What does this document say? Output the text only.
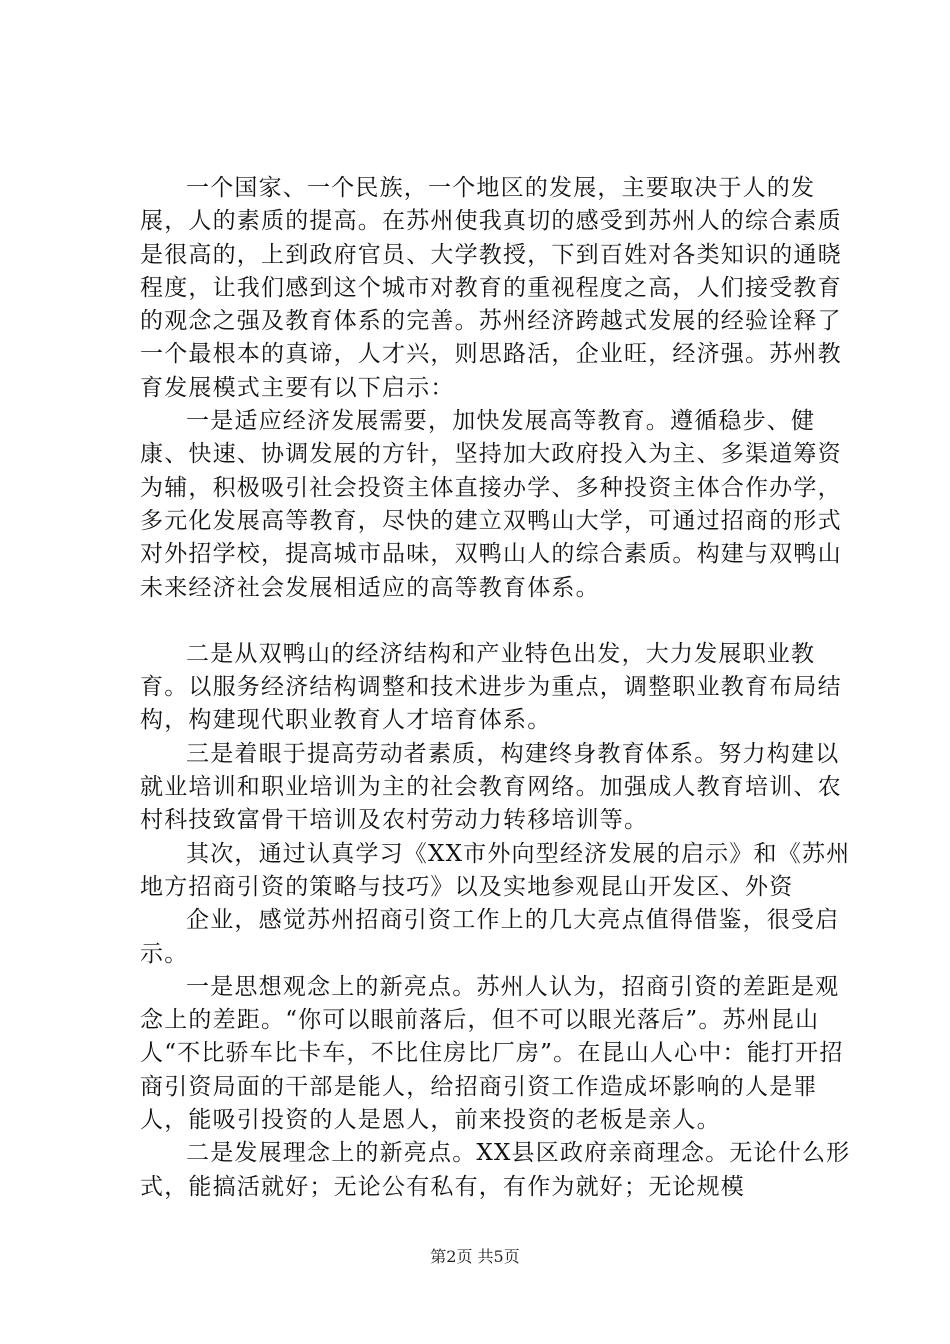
一个国家、一个民族，一个地区的发展，主要取决于人的发展，人的素质的提高。在苏州使我真切的感受到苏州人的综合素质是很高的，上到政府官员、大学教授，下到百姓对各类知识的通晓程度，让我们感到这个城市对教育的重视程度之高，人们接受教育的观念之强及教育体系的完善。苏州经济跨越式发展的经验诠释了一个最根本的真谛，人才兴，则思路活，企业旺，经济强。苏州教育发展模式主要有以下启示：

一是适应经济发展需要，加快发展高等教育。遵循稳步、健康、快速、协调发展的方针，坚持加大政府投入为主、多渠道筹资为辅，积极吸引社会投资主体直接办学、多种投资主体合作办学，多元化发展高等教育，尽快的建立双鸭山大学，可通过招商的形式对外招学校，提高城市品味，双鸭山人的综合素质。构建与双鸭山未来经济社会发展相适应的高等教育体系。

二是从双鸭山的经济结构和产业特色出发，大力发展职业教育。以服务经济结构调整和技术进步为重点，调整职业教育布局结构，构建现代职业教育人才培育体系。

三是着眼于提高劳动者素质，构建终身教育体系。努力构建以就业培训和职业培训为主的社会教育网络。加强成人教育培训、农村科技致富骨干培训及农村劳动力转移培训等。

其次，通过认真学习《XX市外向型经济发展的启示》和《苏州地方招商引资的策略与技巧》以及实地参观昆山开发区、外资

企业，感觉苏州招商引资工作上的几大亮点值得借鉴，很受启示。

一是思想观念上的新亮点。苏州人认为，招商引资的差距是观念上的差距。“你可以眼前落后，但不可以眼光落后”。苏州昆山人“不比骄车比卡车，不比住房比厂房”。在昆山人心中：能打开招商引资局面的干部是能人，给招商引资工作造成坏影响的人是罪人，能吸引投资的人是恩人，前来投资的老板是亲人。

二是发展理念上的新亮点。XX县区政府亲商理念。无论什么形式，能搞活就好；无论公有私有，有作为就好；无论规模

第2页 共5页
